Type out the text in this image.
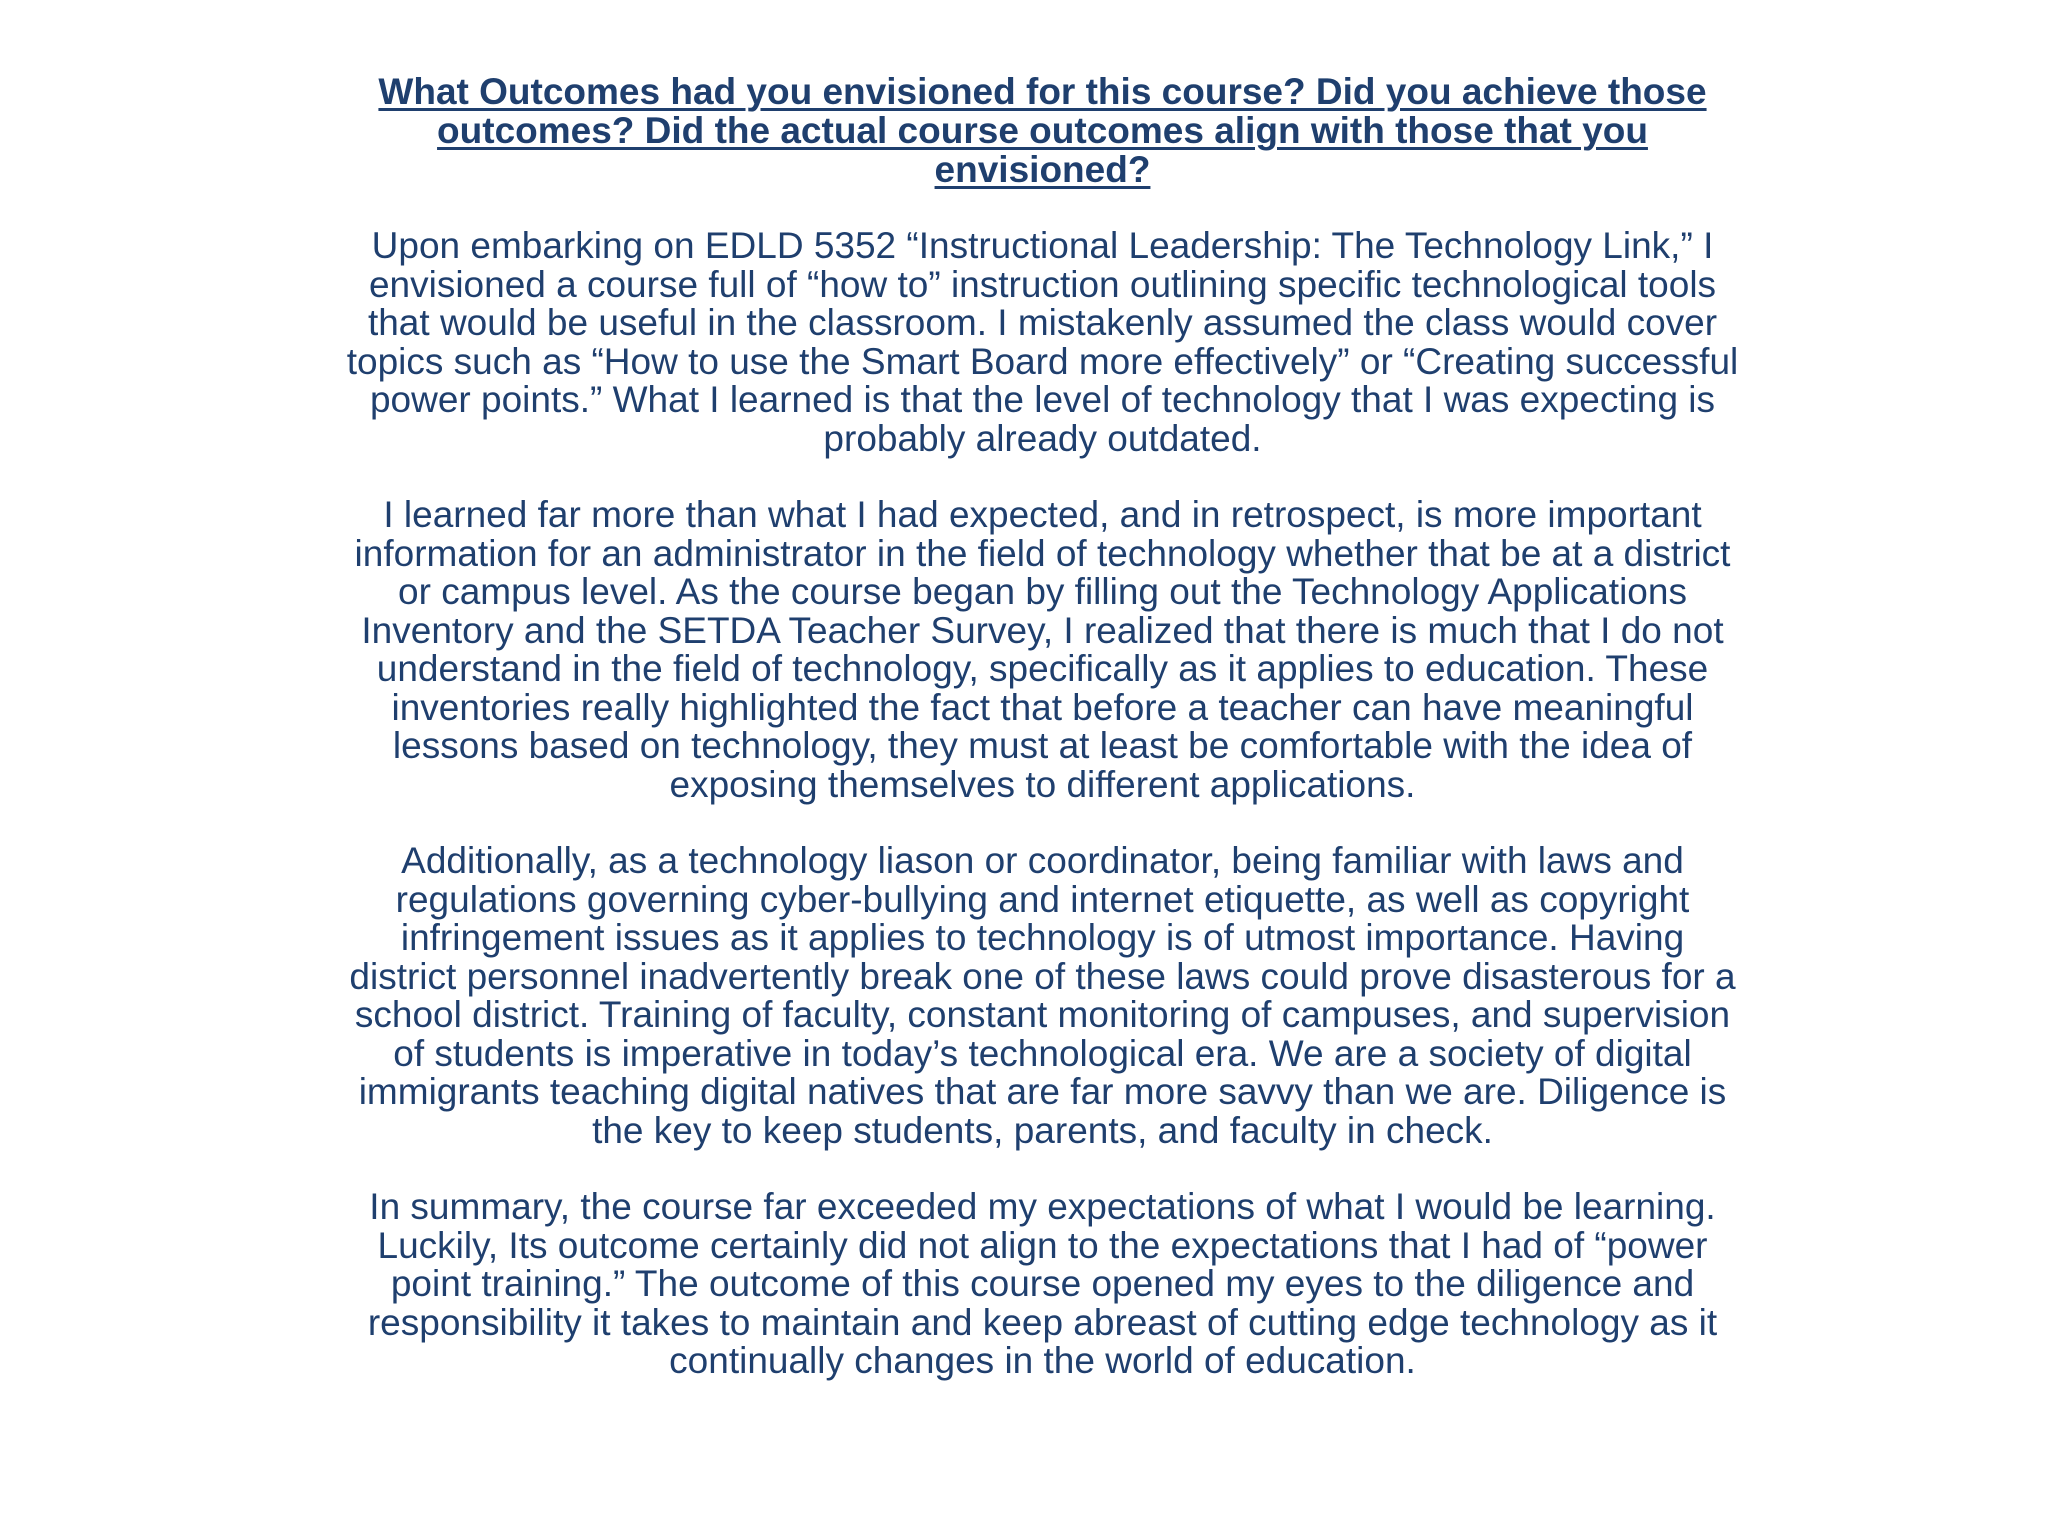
What Outcomes had you envisioned for this course? Did you achieve those outcomes? Did the actual course outcomes align with those that you envisioned?

Upon embarking on EDLD 5352 “Instructional Leadership: The Technology Link,” I envisioned a course full of “how to” instruction outlining specific technological tools that would be useful in the classroom. I mistakenly assumed the class would cover topics such as “How to use the Smart Board more effectively” or “Creating successful power points.” What I learned is that the level of technology that I was expecting is probably already outdated.

I learned far more than what I had expected, and in retrospect, is more important information for an administrator in the field of technology whether that be at a district or campus level. As the course began by filling out the Technology Applications Inventory and the SETDA Teacher Survey, I realized that there is much that I do not understand in the field of technology, specifically as it applies to education. These inventories really highlighted the fact that before a teacher can have meaningful lessons based on technology, they must at least be comfortable with the idea of exposing themselves to different applications.

Additionally, as a technology liason or coordinator, being familiar with laws and regulations governing cyber-bullying and internet etiquette, as well as copyright infringement issues as it applies to technology is of utmost importance. Having district personnel inadvertently break one of these laws could prove disasterous for a school district. Training of faculty, constant monitoring of campuses, and supervision of students is imperative in today’s technological era. We are a society of digital immigrants teaching digital natives that are far more savvy than we are. Diligence is the key to keep students, parents, and faculty in check.

In summary, the course far exceeded my expectations of what I would be learning. Luckily, Its outcome certainly did not align to the expectations that I had of “power point training.” The outcome of this course opened my eyes to the diligence and responsibility it takes to maintain and keep abreast of cutting edge technology as it continually changes in the world of education.
